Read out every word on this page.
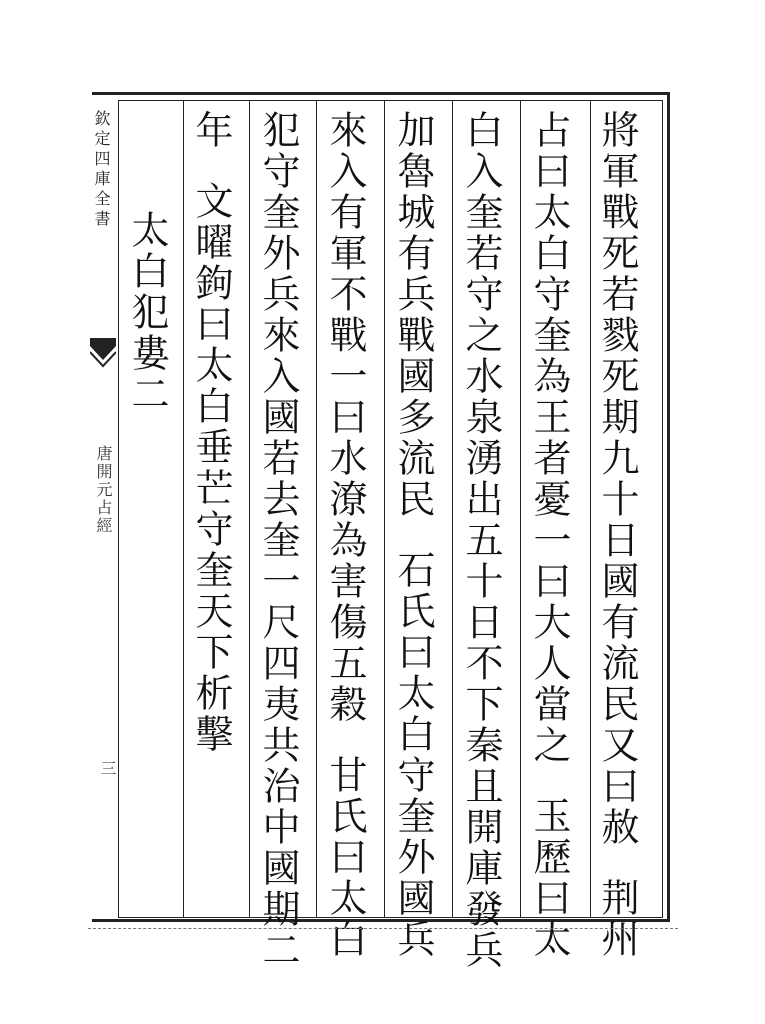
欽定四庫全書
唐開元占經
三	將軍戰死若戮死期九十日國有流民又曰赦荆州
占曰太白守奎為王者憂一曰大人當之玉歷曰太
白入奎若守之水泉湧出五十日不下秦且開庫發兵
加魯城有兵戰國多流民石氏曰太白守奎外國兵
來入有軍不戰一曰水潦為害傷五穀甘氏曰太白
犯守奎外兵來入國若去奎一尺四夷共治中國期二
年文曜鉤曰太白垂芒守奎天下析擊
太白犯婁二
